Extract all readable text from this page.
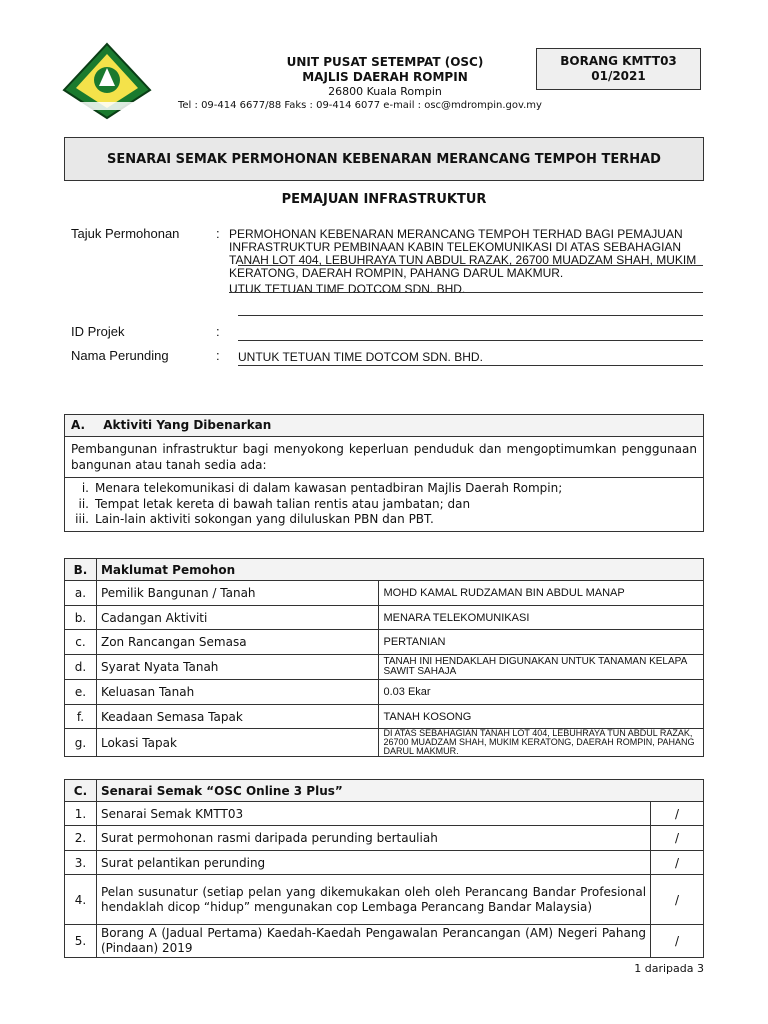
UNIT PUSAT SETEMPAT (OSC)
MAJLIS DAERAH ROMPIN
26800 Kuala Rompin
Tel : 09-414 6677/88 Faks : 09-414 6077 e-mail : osc@mdrompin.gov.my
BORANG KMTT03
01/2021
SENARAI SEMAK PERMOHONAN KEBENARAN MERANCANG TEMPOH TERHAD
PEMAJUAN INFRASTRUKTUR
Tajuk Permohonan	: PERMOHONAN KEBENARAN MERANCANG TEMPOH TERHAD BAGI PEMAJUAN
INFRASTRUKTUR PEMBINAAN KABIN TELEKOMUNIKASI DI ATAS SEBAHAGIAN
TANAH LOT 404, LEBUHRAYA TUN ABDUL RAZAK, 26700 MUADZAM SHAH, MUKIM
KERATONG, DAERAH ROMPIN, PAHANG DARUL MAKMUR.
UTUK TETUAN TIME DOTCOM SDN. BHD.
ID Projek	:
Nama Perunding	: UNTUK TETUAN TIME DOTCOM SDN. BHD.
A. Aktiviti Yang Dibenarkan
Pembangunan infrastruktur bagi menyokong keperluan penduduk dan mengoptimumkan penggunaan bangunan atau tanah sedia ada:
i. Menara telekomunikasi di dalam kawasan pentadbiran Majlis Daerah Rompin;
ii. Tempat letak kereta di bawah talian rentis atau jambatan; dan
iii. Lain-lain aktiviti sokongan yang diluluskan PBN dan PBT.
B.	Maklumat Pemohon	
a.	Pemilik Bangunan / Tanah	MOHD KAMAL RUDZAMAN BIN ABDUL MANAP
b.	Cadangan Aktiviti	MENARA TELEKOMUNIKASI
c.	Zon Rancangan Semasa	PERTANIAN
d.	Syarat Nyata Tanah	TANAH INI HENDAKLAH DIGUNAKAN UNTUK TANAMAN KELAPA SAWIT SAHAJA
e.	Keluasan Tanah	0.03 Ekar
f.	Keadaan Semasa Tapak	TANAH KOSONG
g.	Lokasi Tapak	DI ATAS SEBAHAGIAN TANAH LOT 404, LEBUHRAYA TUN ABDUL RAZAK, 26700 MUADZAM SHAH, MUKIM KERATONG, DAERAH ROMPIN, PAHANG DARUL MAKMUR.
C.	Senarai Semak “OSC Online 3 Plus”	
1.	Senarai Semak KMTT03	/
2.	Surat permohonan rasmi daripada perunding bertauliah	/
3.	Surat pelantikan perunding	/
4.	Pelan susunatur (setiap pelan yang dikemukakan oleh oleh Perancang Bandar Profesional hendaklah dicop “hidup” mengunakan cop Lembaga Perancang Bandar Malaysia)	/
5.	Borang A (Jadual Pertama) Kaedah-Kaedah Pengawalan Perancangan (AM) Negeri Pahang (Pindaan) 2019	/
1 daripada 3
